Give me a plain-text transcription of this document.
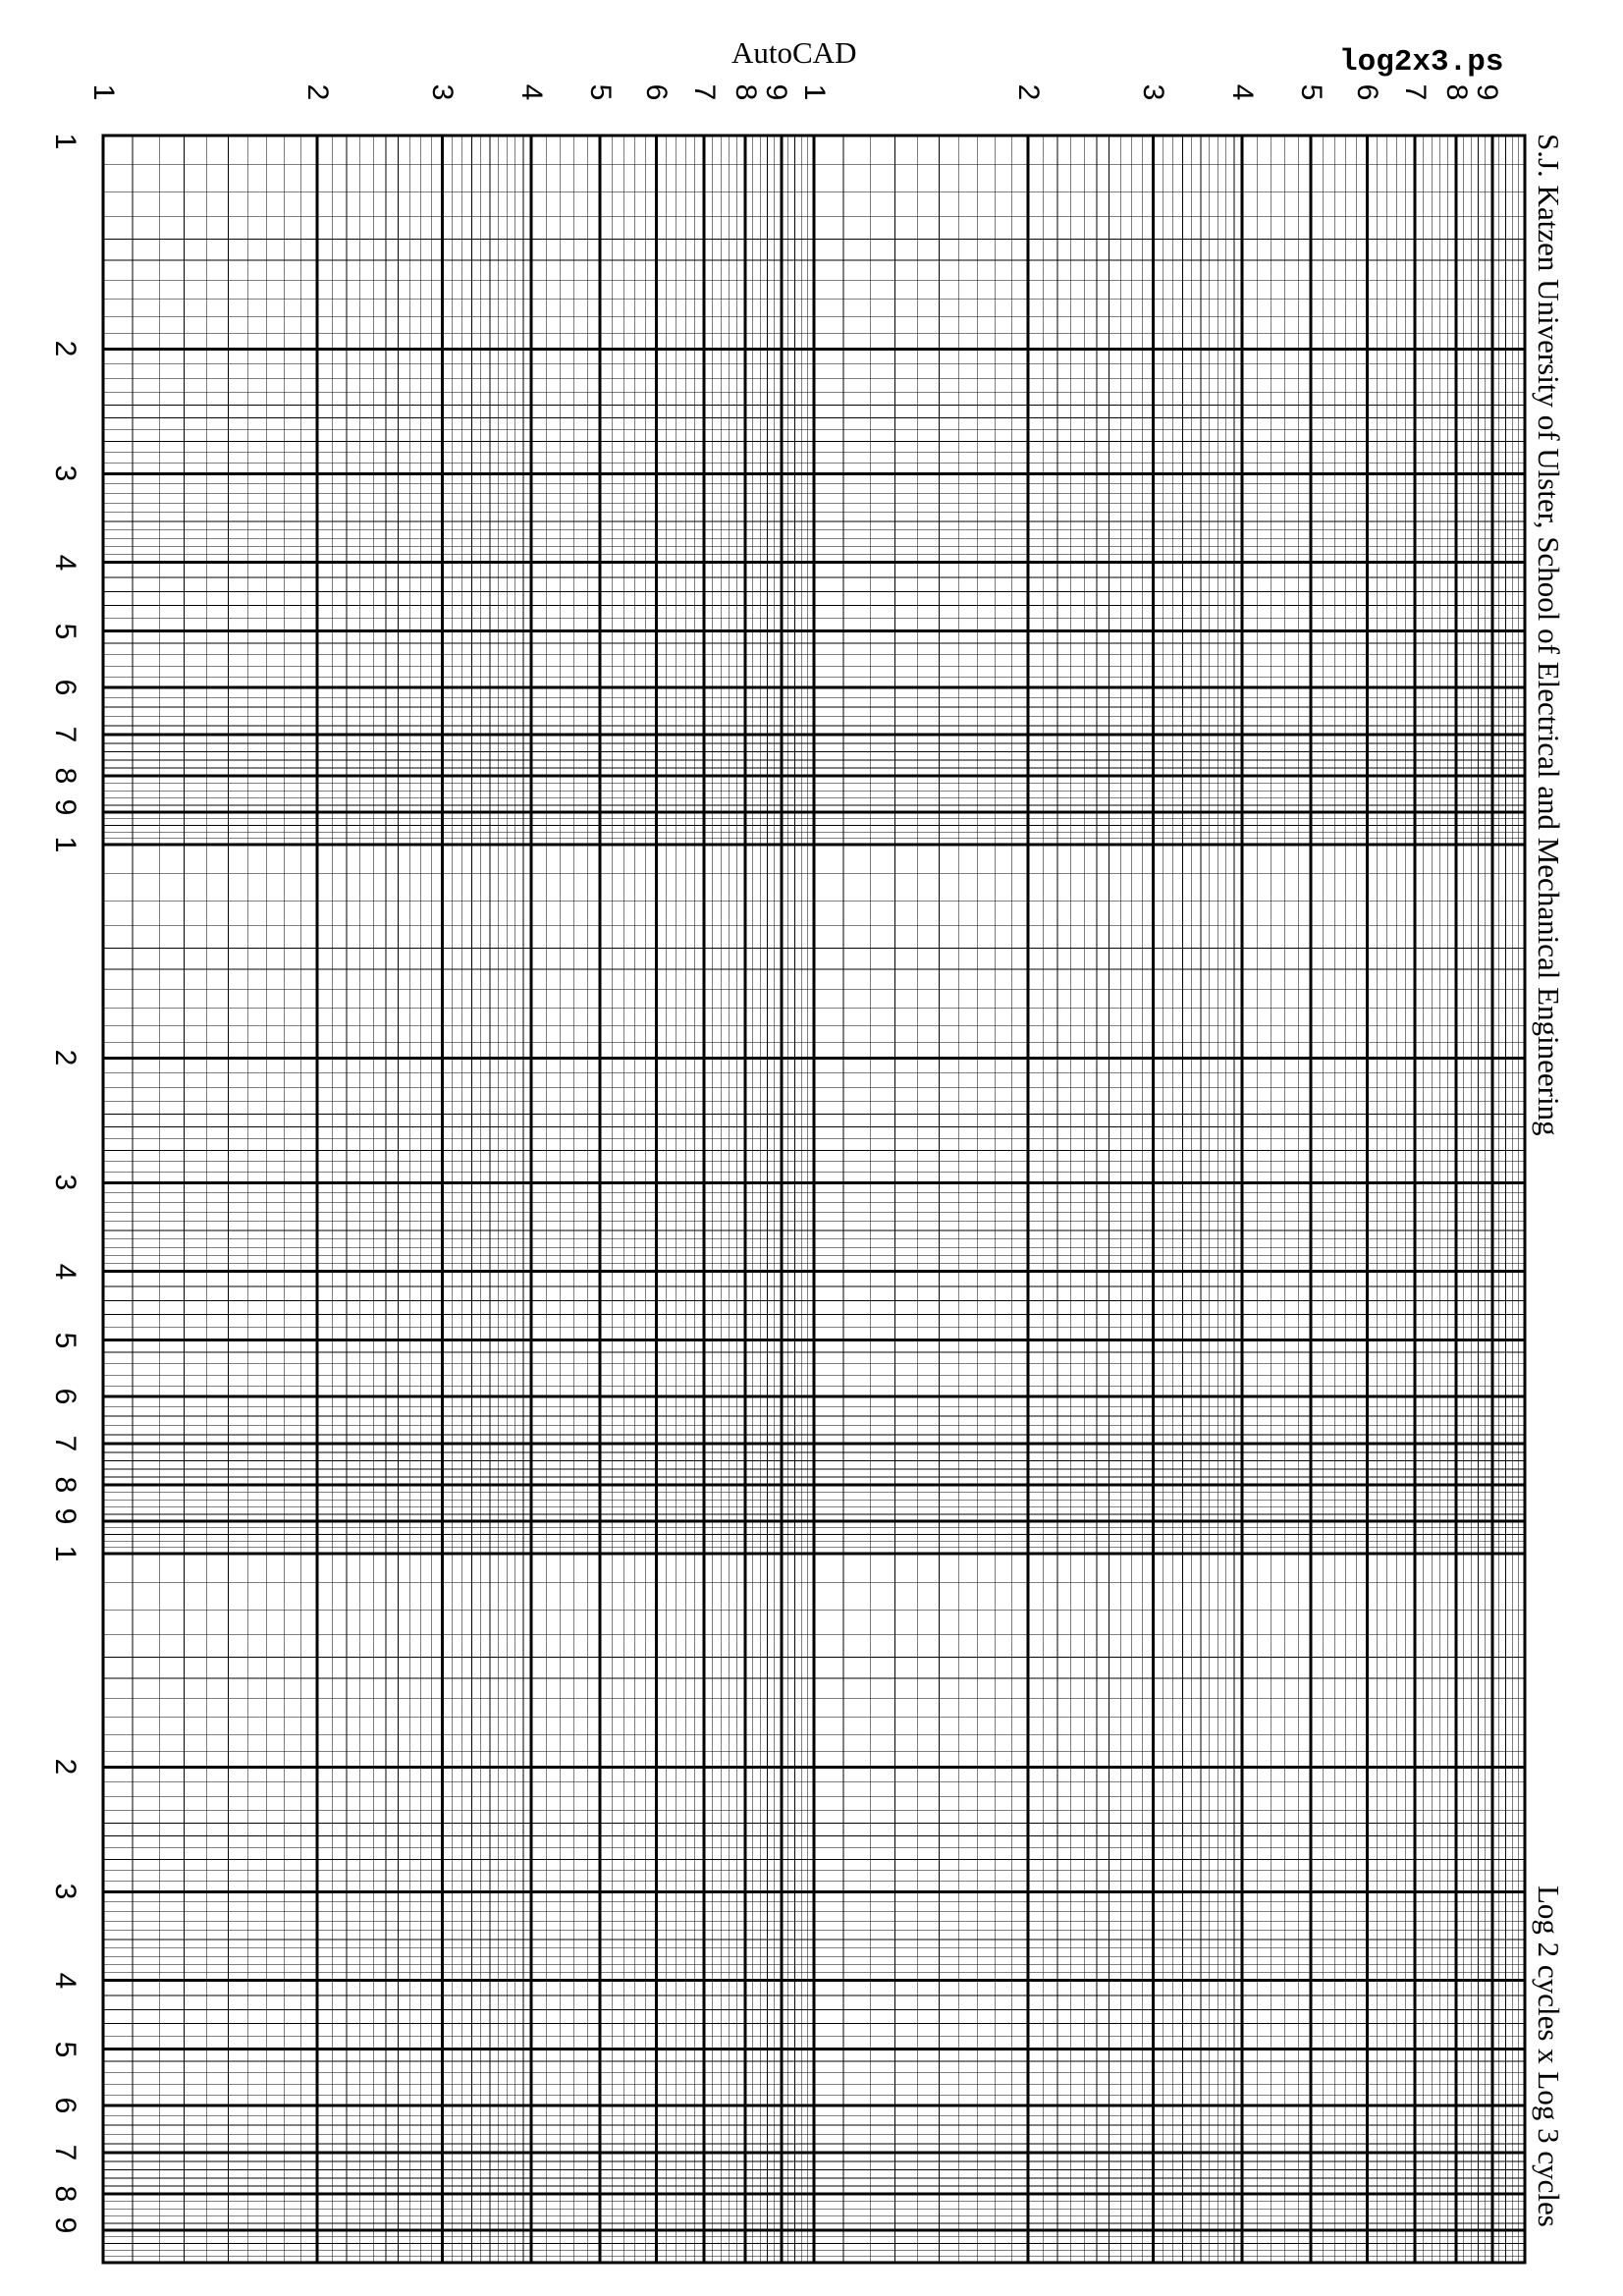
AutoCAD	log2x3.ps
S.J. Katzen University of Ulster, School of Electrical and Mechanical Engineering
Log 2 cycles x Log 3 cycles
1	2	3 4 5 6 7 8
9 1	2	3 4 5 6 7 8
9
1
2
3
4
5
6
7
8
9
1
2
3
4
5
6
7
8
9
1
2
3
4
5
6
7
8
9
